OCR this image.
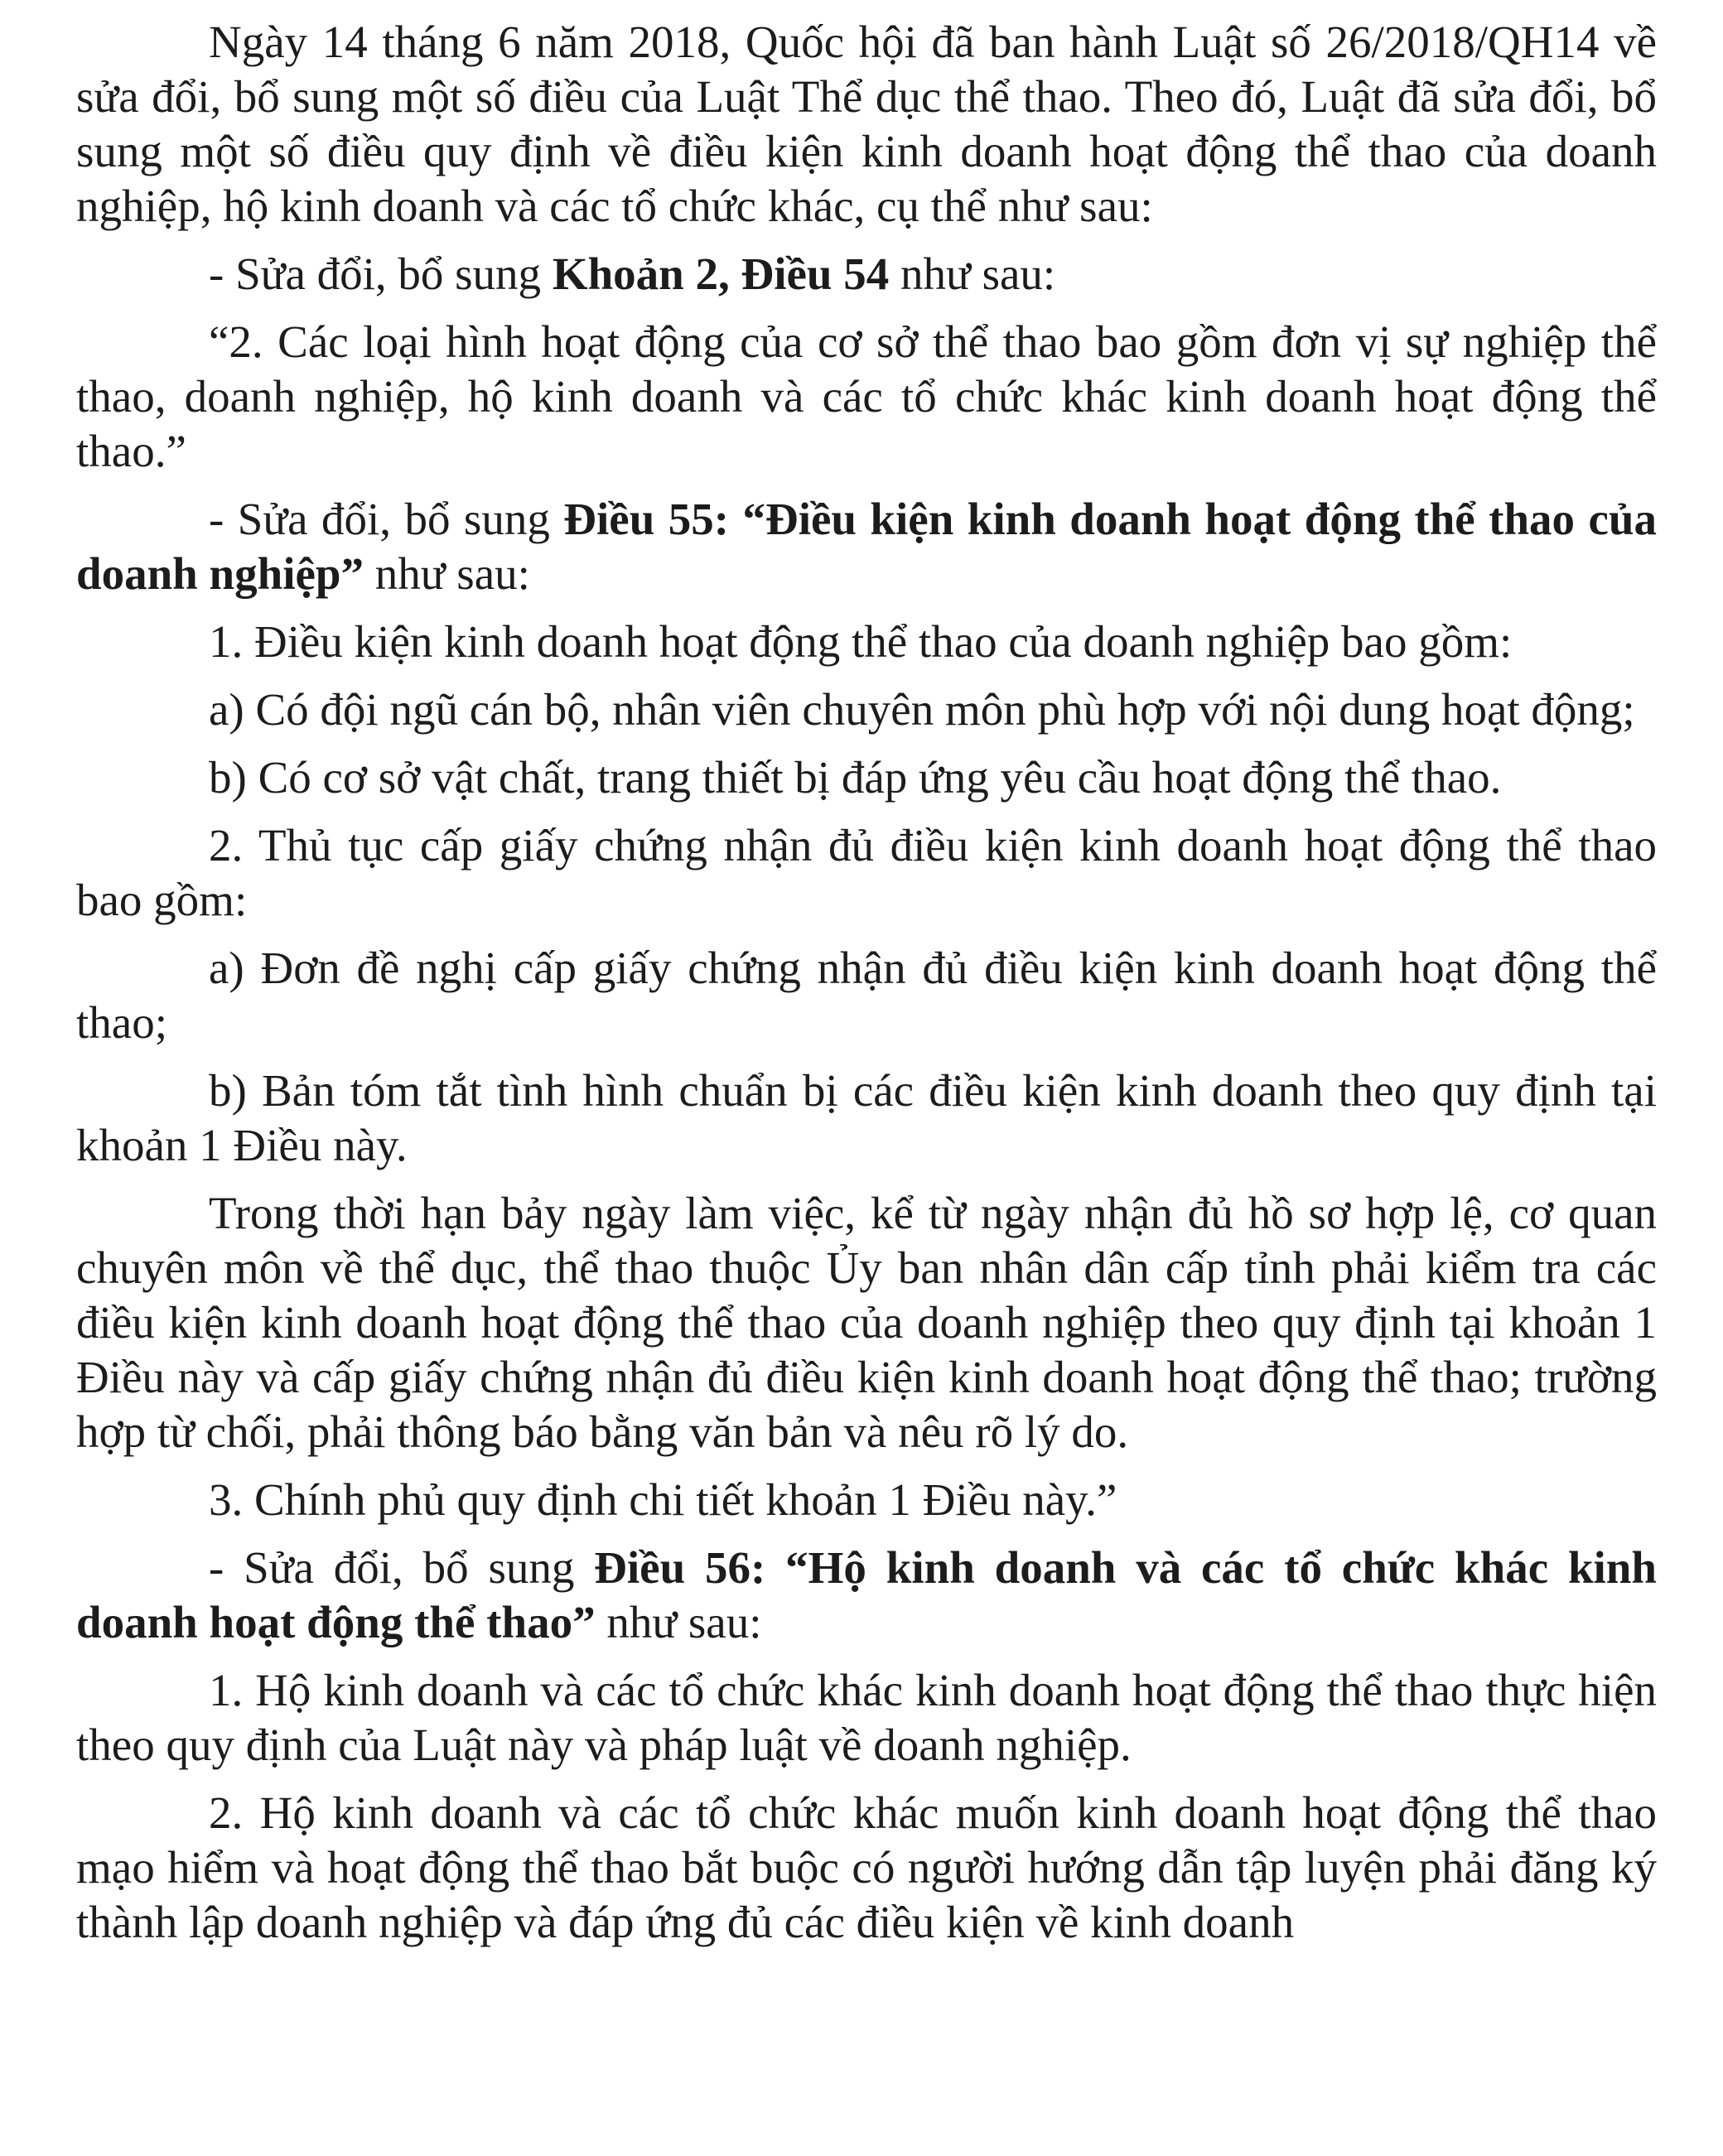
Ngày 14 tháng 6 năm 2018, Quốc hội đã ban hành Luật số 26/2018/QH14 về sửa đổi, bổ sung một số điều của Luật Thể dục thể thao. Theo đó, Luật đã sửa đổi, bổ sung một số điều quy định về điều kiện kinh doanh hoạt động thể thao của doanh nghiệp, hộ kinh doanh và các tổ chức khác, cụ thể như sau:

- Sửa đổi, bổ sung Khoản 2, Điều 54 như sau:

“2. Các loại hình hoạt động của cơ sở thể thao bao gồm đơn vị sự nghiệp thể thao, doanh nghiệp, hộ kinh doanh và các tổ chức khác kinh doanh hoạt động thể thao.”

- Sửa đổi, bổ sung Điều 55: “Điều kiện kinh doanh hoạt động thể thao của doanh nghiệp” như sau:

1. Điều kiện kinh doanh hoạt động thể thao của doanh nghiệp bao gồm:

a) Có đội ngũ cán bộ, nhân viên chuyên môn phù hợp với nội dung hoạt động;

b) Có cơ sở vật chất, trang thiết bị đáp ứng yêu cầu hoạt động thể thao.

2. Thủ tục cấp giấy chứng nhận đủ điều kiện kinh doanh hoạt động thể thao bao gồm:

a) Đơn đề nghị cấp giấy chứng nhận đủ điều kiện kinh doanh hoạt động thể thao;

b) Bản tóm tắt tình hình chuẩn bị các điều kiện kinh doanh theo quy định tại khoản 1 Điều này.

Trong thời hạn bảy ngày làm việc, kể từ ngày nhận đủ hồ sơ hợp lệ, cơ quan chuyên môn về thể dục, thể thao thuộc Ủy ban nhân dân cấp tỉnh phải kiểm tra các điều kiện kinh doanh hoạt động thể thao của doanh nghiệp theo quy định tại khoản 1 Điều này và cấp giấy chứng nhận đủ điều kiện kinh doanh hoạt động thể thao; trường hợp từ chối, phải thông báo bằng văn bản và nêu rõ lý do.

3. Chính phủ quy định chi tiết khoản 1 Điều này.”

- Sửa đổi, bổ sung Điều 56: “Hộ kinh doanh và các tổ chức khác kinh doanh hoạt động thể thao” như sau:

1. Hộ kinh doanh và các tổ chức khác kinh doanh hoạt động thể thao thực hiện theo quy định của Luật này và pháp luật về doanh nghiệp.

2. Hộ kinh doanh và các tổ chức khác muốn kinh doanh hoạt động thể thao mạo hiểm và hoạt động thể thao bắt buộc có người hướng dẫn tập luyện phải đăng ký thành lập doanh nghiệp và đáp ứng đủ các điều kiện về kinh doanh
